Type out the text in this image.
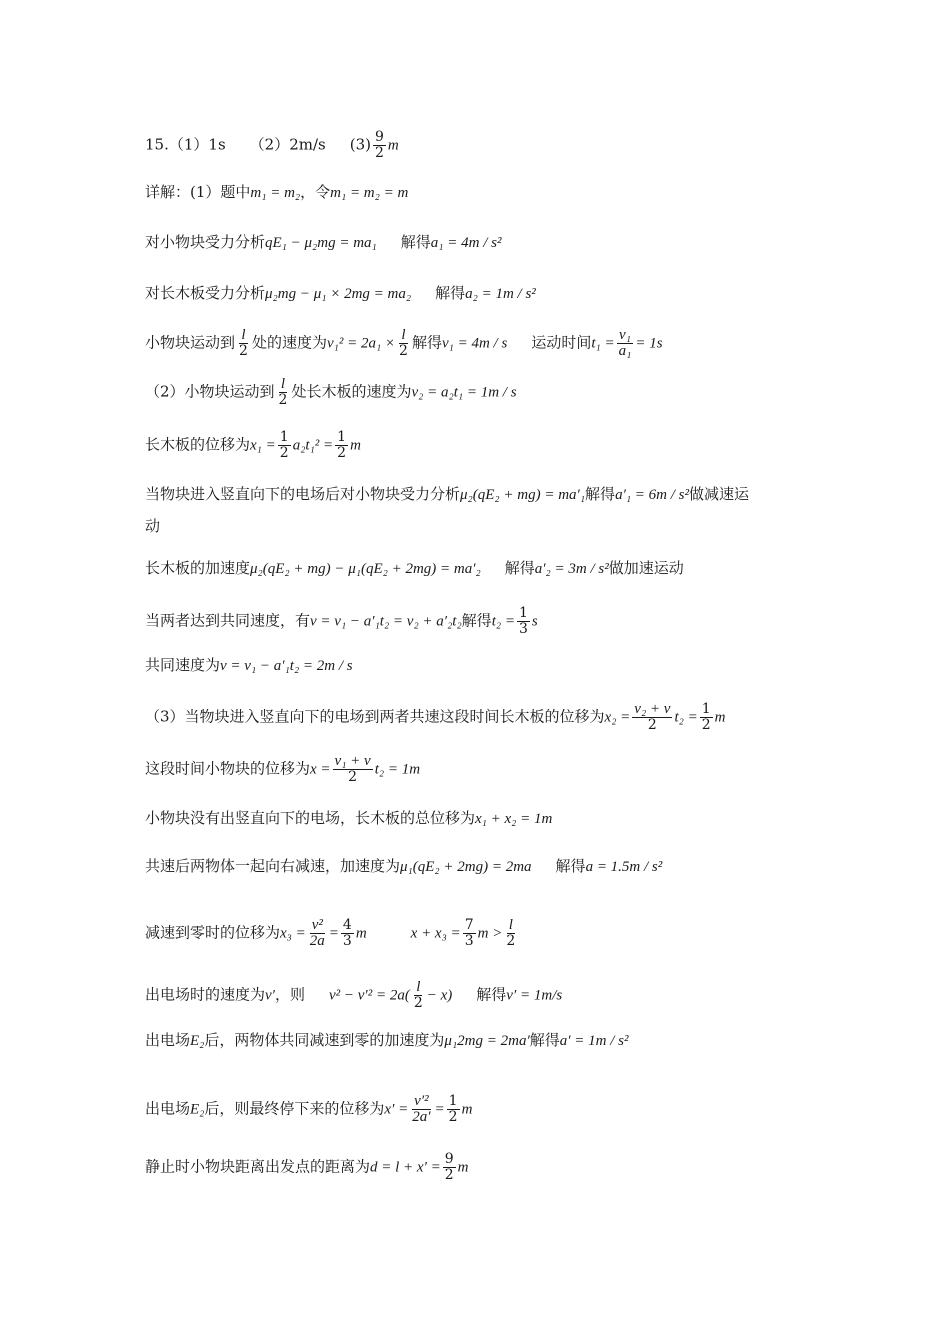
15.（1）1s （2）2m/s $(3) \frac{9}{2}$ m
详解：(1）题中m₁ = m₂，令m₁ = m₂ = m
对小物块受力分析qE₁ − μ₂mg = ma₁ 解得a₁ = 4m / s²
对长木板受力分析μ₂mg − μ₁ × 2mg = ma₂ 解得a₂ = 1m / s²
小物块运动到 $\frac{l}{2}$ 处的速度为$v_1^2 = 2a_1 \times \frac{l}{2}$ 解得v₁ = 4m / s 运动时间$t_1 = \frac{\text{v₁}}{\text{a₁}} = 1s$
（2）小物块运动到 $\frac{l}{2}$ 处长木板的速度为v₂ = a₂t₁ = 1m / s
长木板的位移为$x_1 = \frac{1}{2} a_2t_1^2 = \frac{1}{2}$ m
当物块进入竖直向下的电场后对小物块受力分析μ₂(qE₂ + mg) = ma′₁解得a′₁ = 6m / s²做减速运
动
长木板的加速度μ₂(qE₂ + mg) − μ₁(qE₂ + 2mg) = ma′₂ 解得a′₂ = 3m / s²做加速运动
当两者达到共同速度，有v = v₁ − a′₁t₂ = v₂ + a′₂t₂解得$t_2 = \frac{1}{3}$ s
共同速度为v = v₁ − a′₁t₂ = 2m / s
（3）当物块进入竖直向下的电场到两者共速这段时间长木板的位移为$x_2 = \frac{\text{v₂ + v}}{2} t_2 = \frac{1}{2}$ m
这段时间小物块的位移为$x = \frac{\text{v₁ + v}}{2} t_2 = 1m$
小物块没有出竖直向下的电场，长木板的总位移为x₁ + x₂ = 1m
共速后两物体一起向右减速，加速度为μ₁(qE₂ + 2mg) = 2ma 解得a = 1.5m / s²
减速到零时的位移为$x_3 = \frac{\text{v²}}{2a} = \frac{4}{3}$ m	$x + x_3 = \frac{7}{3}$ $m > \frac{l}{2}$
出电场时的速度为v′，则 $v^2 - v'^2 = 2a( \frac{l}{2} - x)$ 解得v′ = 1m/s
出电场E₂后，两物体共同减速到零的加速度为μ₁2mg = 2ma′解得a′ = 1m / s²
出电场E₂后，则最终停下来的位移为$x' = \frac{\text{v′²}}{2a'} = \frac{1}{2}$ m
静止时小物块距离出发点的距离为$d = l + x' = \frac{9}{2}$ m
